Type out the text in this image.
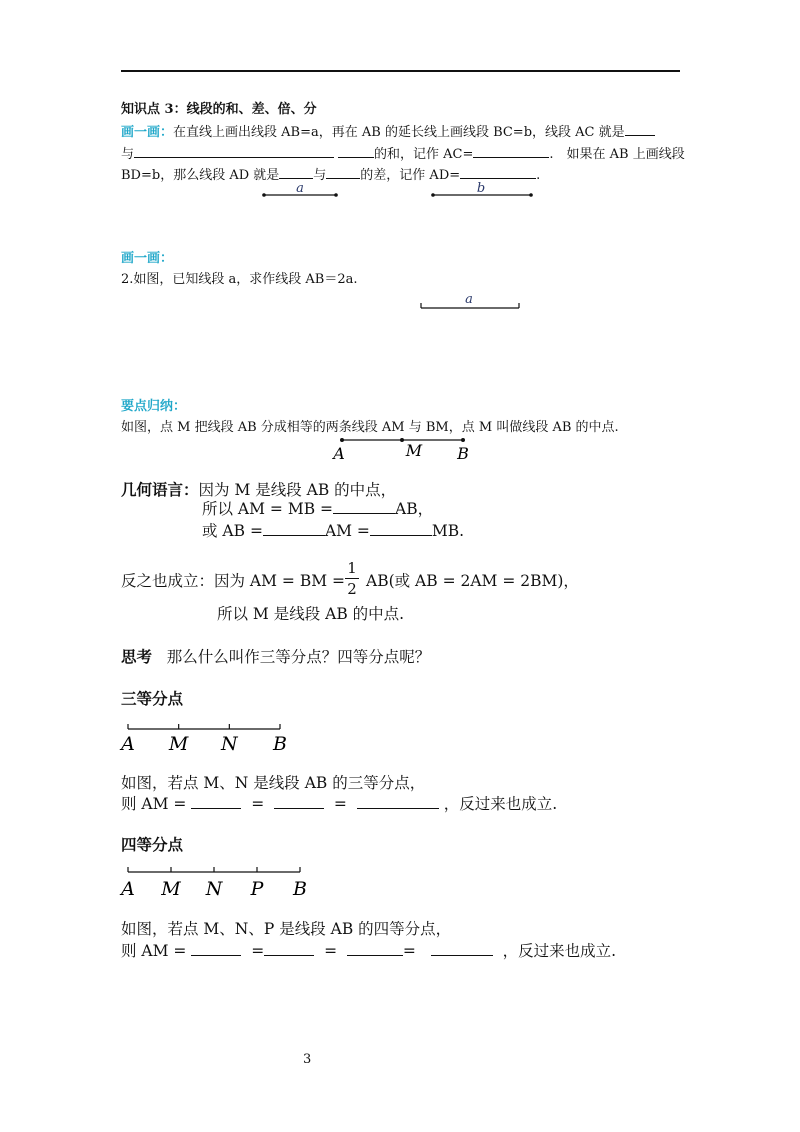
知识点 3：线段的和、差、倍、分
画一画：在直线上画出线段 AB=a，再在 AB 的延长线上画线段 BC=b，线段 AC 就是
与	的和，记作 AC=	.　如果在 AB 上画线段
BD=b，那么线段 AD 就是	与	的差，记作 AD=	.
a	b
画一画：
2.如图，已知线段 a，求作线段 AB＝2a.
a
要点归纳：
如图，点 M 把线段 AB 分成相等的两条线段 AM 与 BM，点 M 叫做线段 AB 的中点.
A	M B
几何语言：因为 M 是线段 AB 的中点，
所以 AM = MB =	AB，
或 AB =	AM =	MB.
反之也成立：因为 AM = BM =
1
2 AB(或 AB = 2AM = 2BM)，
所以 M 是线段 AB 的中点.
思考 那么什么叫作三等分点？四等分点呢？
三等分点
A M N B
如图，若点 M、N 是线段 AB 的三等分点，
则 AM =	=	=	，反过来也成立.
四等分点
A M N P B
如图，若点 M、N、P 是线段 AB 的四等分点，
则 AM =	=	=	=	，反过来也成立.
3
